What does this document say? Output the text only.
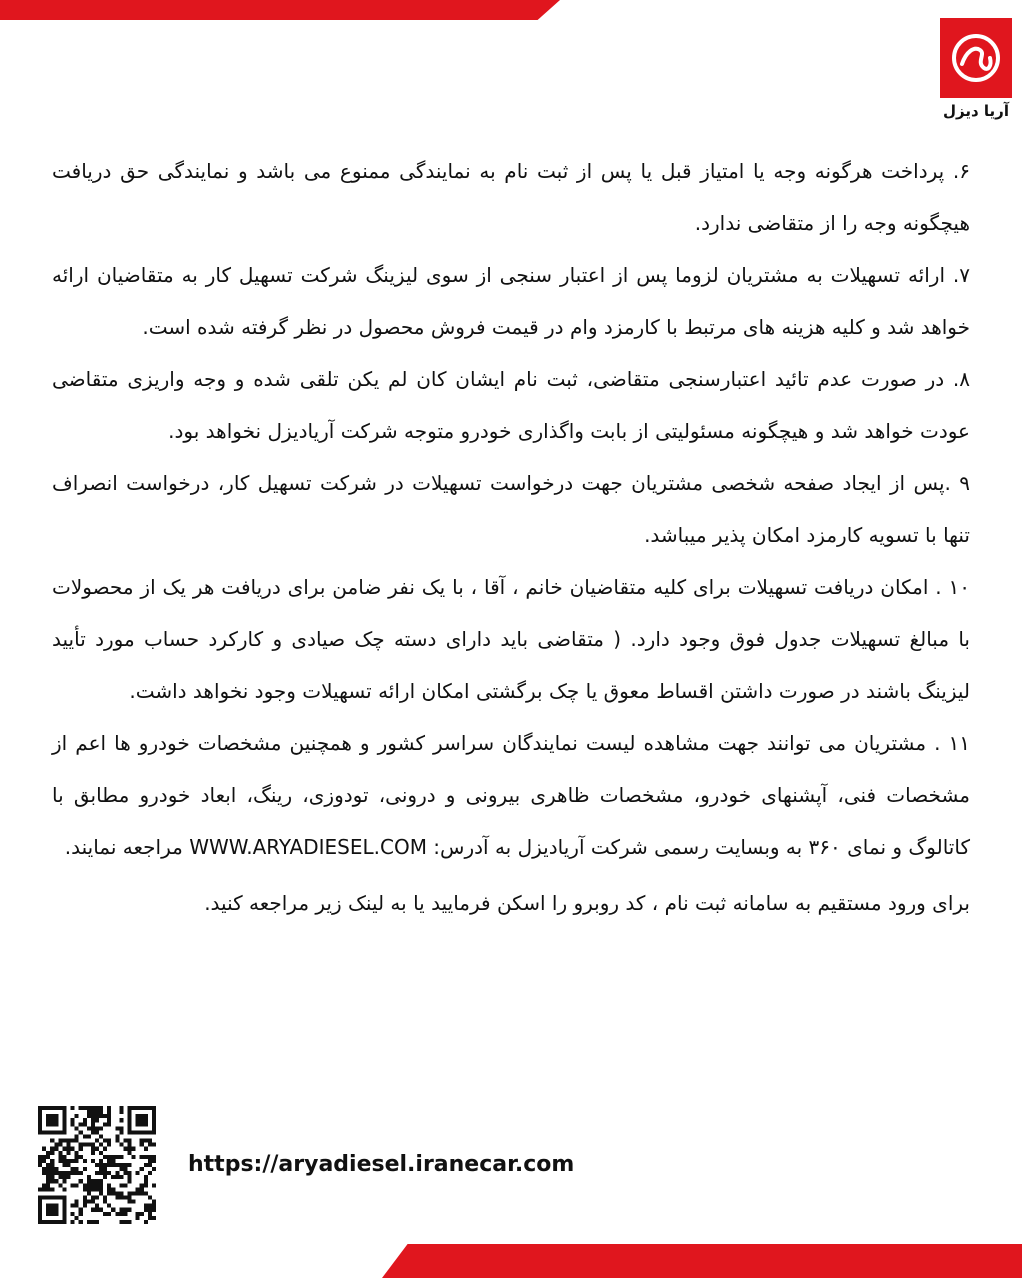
آریا دیزل

۶. پرداخت هرگونه وجه یا امتیاز قبل یا پس از ثبت نام به نمایندگی ممنوع می باشد و نمایندگی حق دریافت هیچگونه وجه را از متقاضی ندارد.

۷. ارائه تسهیلات به مشتریان لزوما پس از اعتبار سنجی از سوی لیزینگ شرکت تسهیل کار به متقاضیان ارائه خواهد شد و کلیه هزینه های مرتبط با کارمزد وام در قیمت فروش محصول در نظر گرفته شده است.

۸. در صورت عدم تائید اعتبارسنجی متقاضی، ثبت نام ایشان کان لم یکن تلقی شده و وجه واریزی متقاضی عودت خواهد شد و هیچگونه مسئولیتی از بابت واگذاری خودرو متوجه شرکت آریادیزل نخواهد بود.

۹ .پس از ایجاد صفحه شخصی مشتریان جهت درخواست تسهیلات در شرکت تسهیل کار، درخواست انصراف تنها با تسویه کارمزد امکان پذیر میباشد.

۱۰ . امکان دریافت تسهیلات برای کلیه متقاضیان خانم ، آقا ، با یک نفر ضامن برای دریافت هر یک از محصولات با مبالغ تسهیلات جدول فوق وجود دارد. ( متقاضی باید دارای دسته چک صیادی و کارکرد حساب مورد تأیید لیزینگ باشند در صورت داشتن اقساط معوق یا چک برگشتی امکان ارائه تسهیلات وجود نخواهد داشت.

۱۱ . مشتریان می توانند جهت مشاهده لیست نمایندگان سراسر کشور و همچنین مشخصات خودرو ها اعم از مشخصات فنی، آپشنهای خودرو، مشخصات ظاهری بیرونی و درونی، تودوزی، رینگ، ابعاد خودرو مطابق با کاتالوگ و نمای ۳۶۰ به وبسایت رسمی شرکت آریادیزل به آدرس: WWW.ARYADIESEL.COM مراجعه نمایند.

برای ورود مستقیم به سامانه ثبت نام ، کد روبرو را اسکن فرمایید یا به لینک زیر مراجعه کنید.

https://aryadiesel.iranecar.com
